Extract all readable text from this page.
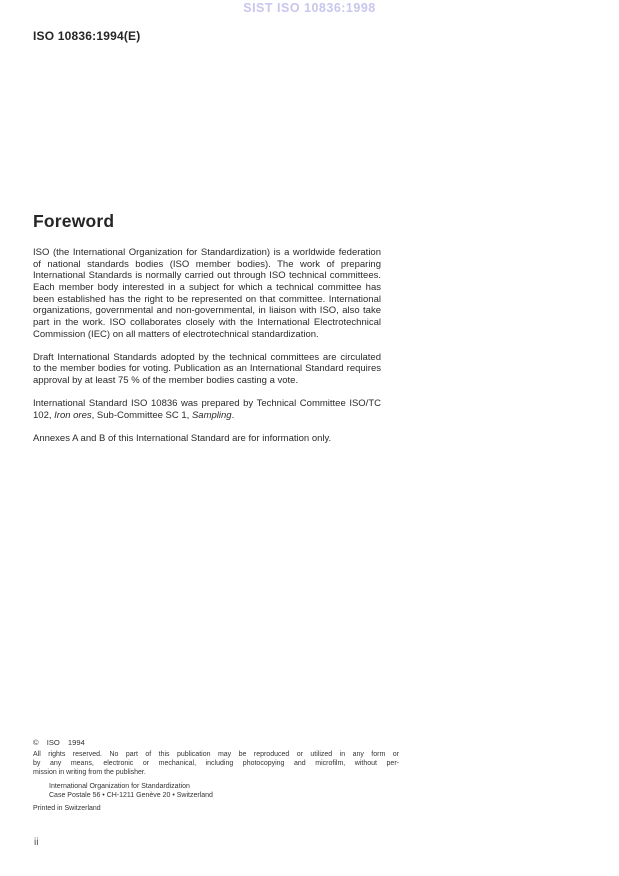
SIST ISO 10836:1998
ISO 10836:1994(E)
Foreword

ISO (the International Organization for Standardization) is a worldwide federation of national standards bodies (ISO member bodies). The work of preparing International Standards is normally carried out through ISO technical committees. Each member body interested in a subject for which a technical committee has been established has the right to be represented on that committee. International organizations, governmental and non-governmental, in liaison with ISO, also take part in the work. ISO collaborates closely with the International Electrotechnical Commission (IEC) on all matters of electrotechnical standardization.

Draft International Standards adopted by the technical committees are circulated to the member bodies for voting. Publication as an International Standard requires approval by at least 75 % of the member bodies casting a vote.

International Standard ISO 10836 was prepared by Technical Committee ISO/TC 102, Iron ores, Sub-Committee SC 1, Sampling.

Annexes A and B of this International Standard are for information only.

© ISO 1994
All rights reserved. No part of this publication may be reproduced or utilized in any form or
by any means, electronic or mechanical, including photocopying and microfilm, without per-
mission in writing from the publisher.
International Organization for Standardization
Case Postale 56 • CH-1211 Genève 20 • Switzerland
Printed in Switzerland
ii
